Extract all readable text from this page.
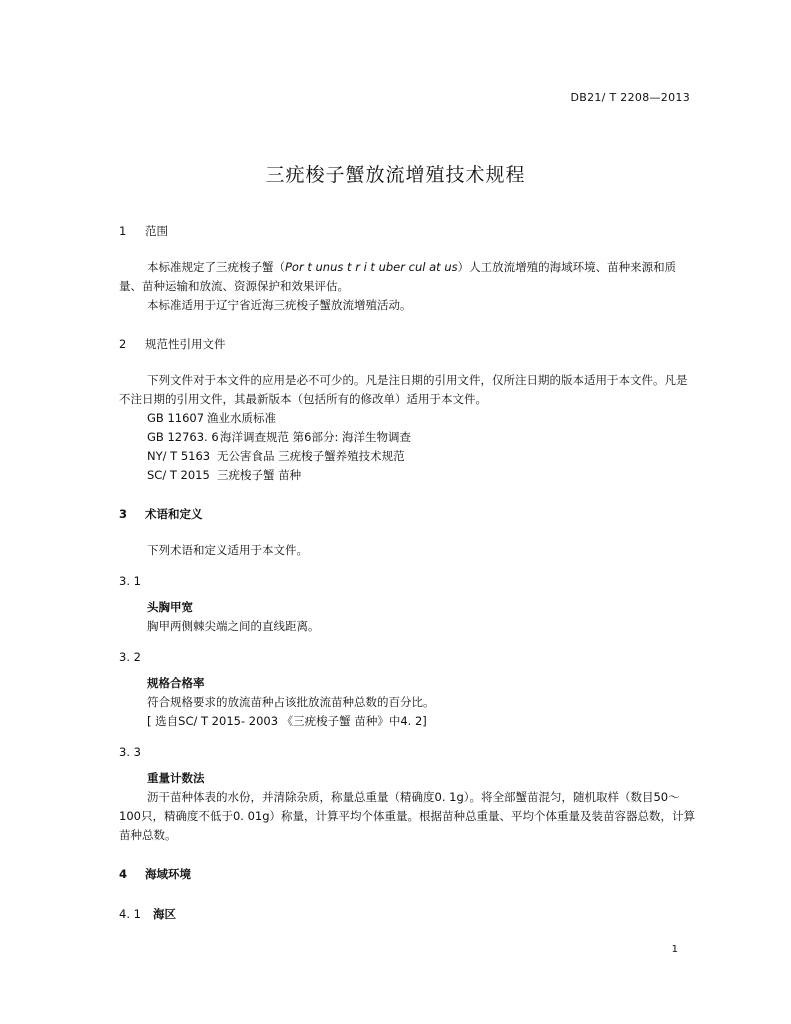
DB21/ T 2208—2013
三疣梭子蟹放流增殖技术规程
1 范围
本标准规定了三疣梭子蟹（Por t unus t r i t uber cul at us）人工放流增殖的海域环境、苗种来源和质量、苗种运输和放流、资源保护和效果评估。
本标准适用于辽宁省近海三疣梭子蟹放流增殖活动。
2 规范性引用文件
下列文件对于本文件的应用是必不可少的。凡是注日期的引用文件，仅所注日期的版本适用于本文件。凡是不注日期的引用文件，其最新版本（包括所有的修改单）适用于本文件。
GB 11607 渔业水质标准
GB 12763. 6海洋调查规范 第6部分: 海洋生物调查
NY/ T 5163 无公害食品 三疣梭子蟹养殖技术规范
SC/ T 2015 三疣梭子蟹 苗种
3 术语和定义
下列术语和定义适用于本文件。
3. 1
头胸甲宽
胸甲两侧棘尖端之间的直线距离。
3. 2
规格合格率
符合规格要求的放流苗种占该批放流苗种总数的百分比。
[ 选自SC/ T 2015- 2003 《三疣梭子蟹 苗种》中4. 2]
3. 3
重量计数法
沥干苗种体表的水份，并清除杂质，称量总重量（精确度0. 1g）。将全部蟹苗混匀，随机取样（数目50～100只，精确度不低于0. 01g）称量，计算平均个体重量。根据苗种总重量、平均个体重量及装苗容器总数，计算苗种总数。
4 海域环境
4. 1 海区
1
